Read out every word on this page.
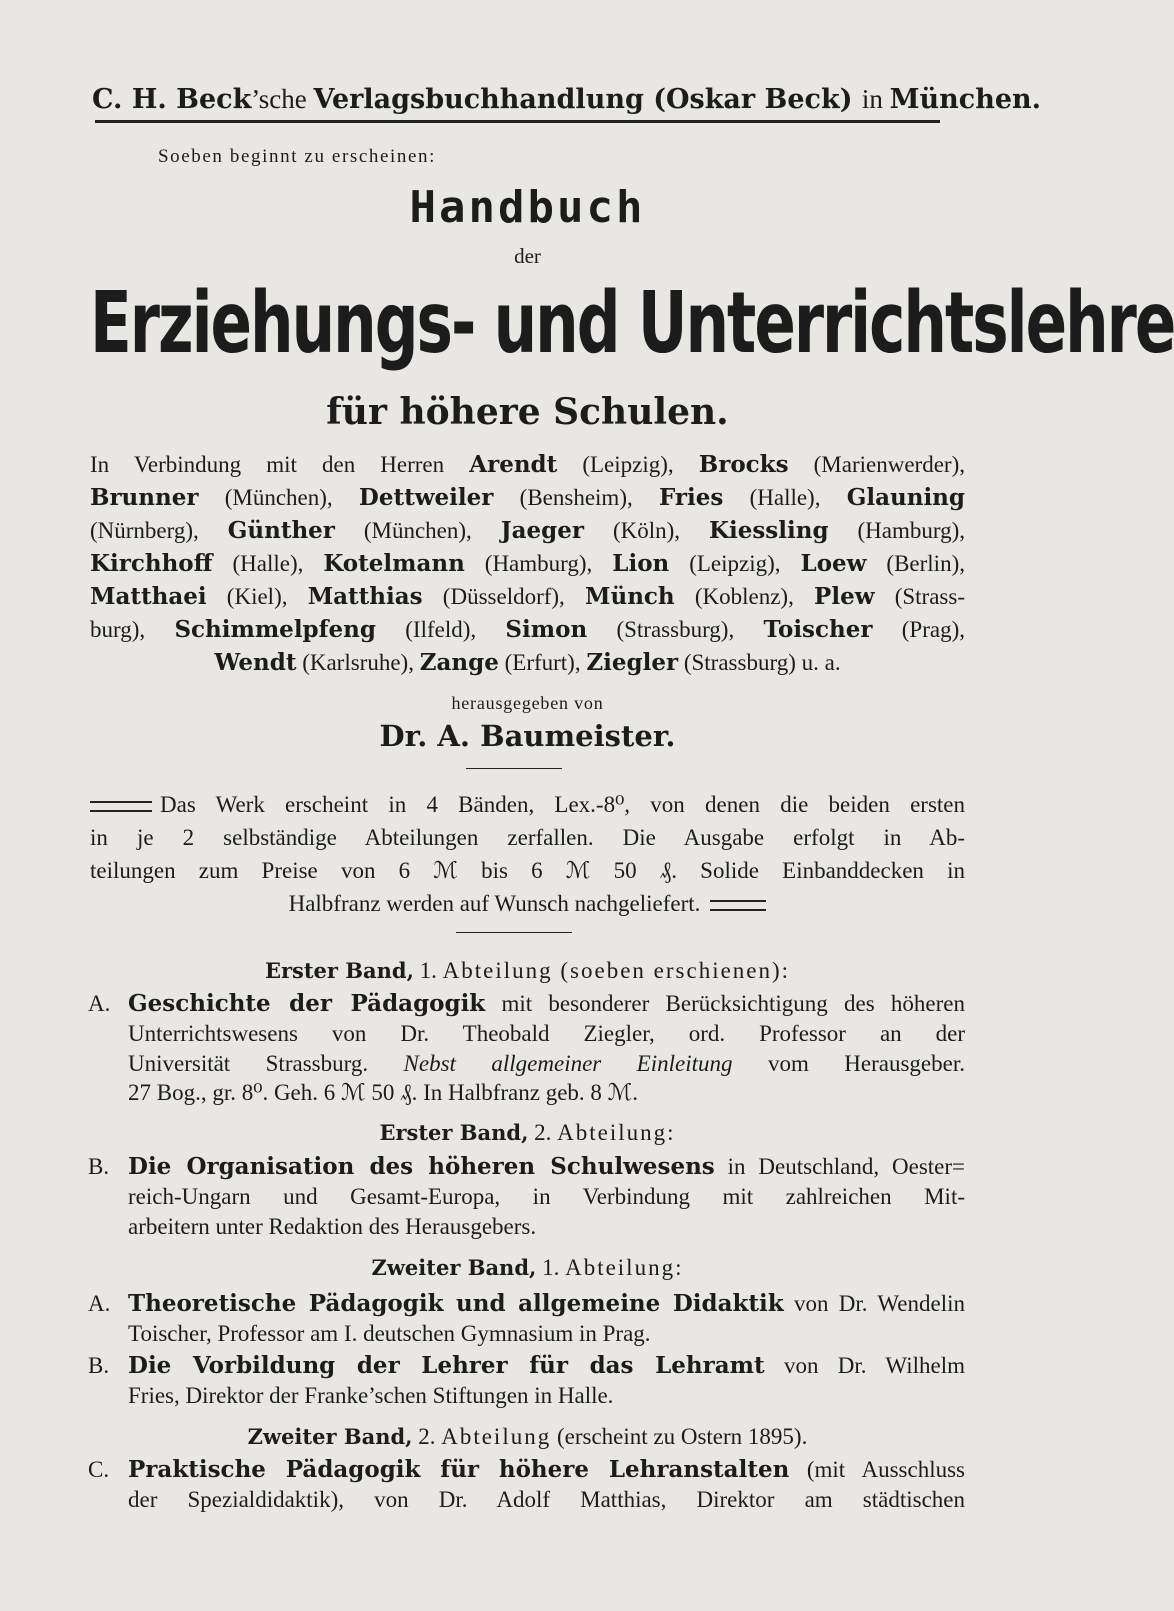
C. H. Beck’sche Verlagsbuchhandlung (Oskar Beck) in München.
Soeben beginnt zu erscheinen:
Handbuch
der
Erziehungs- und Unterrichtslehre
für höhere Schulen.
In Verbindung mit den Herren Arendt (Leipzig), Brocks (Marienwerder),
Brunner (München), Dettweiler (Bensheim), Fries (Halle), Glauning
(Nürnberg), Günther (München), Jaeger (Köln), Kiessling (Hamburg),
Kirchhoff (Halle), Kotelmann (Hamburg), Lion (Leipzig), Loew (Berlin),
Matthaei (Kiel), Matthias (Düsseldorf), Münch (Koblenz), Plew (Strass-
burg), Schimmelpfeng (Ilfeld), Simon (Strassburg), Toischer (Prag),
Wendt (Karlsruhe), Zange (Erfurt), Ziegler (Strassburg) u. a.
herausgegeben von
Dr. A. Baumeister.
Das Werk erscheint in 4 Bänden, Lex.-8⁰, von denen die beiden ersten
in je 2 selbständige Abteilungen zerfallen. Die Ausgabe erfolgt in Ab-
teilungen zum Preise von 6 ℳ bis 6 ℳ 50 ₰. Solide Einbanddecken in
Halbfranz werden auf Wunsch nachgeliefert.
Erster Band, 1. Abteilung (soeben erschienen):
A. Geschichte der Pädagogik mit besonderer Berücksichtigung des höheren
Unterrichtswesens von Dr. Theobald Ziegler, ord. Professor an der
Universität Strassburg. Nebst allgemeiner Einleitung vom Herausgeber.
27 Bog., gr. 8⁰. Geh. 6 ℳ 50 ₰. In Halbfranz geb. 8 ℳ.
Erster Band, 2. Abteilung:
B. Die Organisation des höheren Schulwesens in Deutschland, Oester=
reich-Ungarn und Gesamt-Europa, in Verbindung mit zahlreichen Mit-
arbeitern unter Redaktion des Herausgebers.
Zweiter Band, 1. Abteilung:
A. Theoretische Pädagogik und allgemeine Didaktik von Dr. Wendelin
Toischer, Professor am I. deutschen Gymnasium in Prag.
B. Die Vorbildung der Lehrer für das Lehramt von Dr. Wilhelm
Fries, Direktor der Franke’schen Stiftungen in Halle.
Zweiter Band, 2. Abteilung (erscheint zu Ostern 1895).
C. Praktische Pädagogik für höhere Lehranstalten (mit Ausschluss
der Spezialdidaktik), von Dr. Adolf Matthias, Direktor am städtischen
